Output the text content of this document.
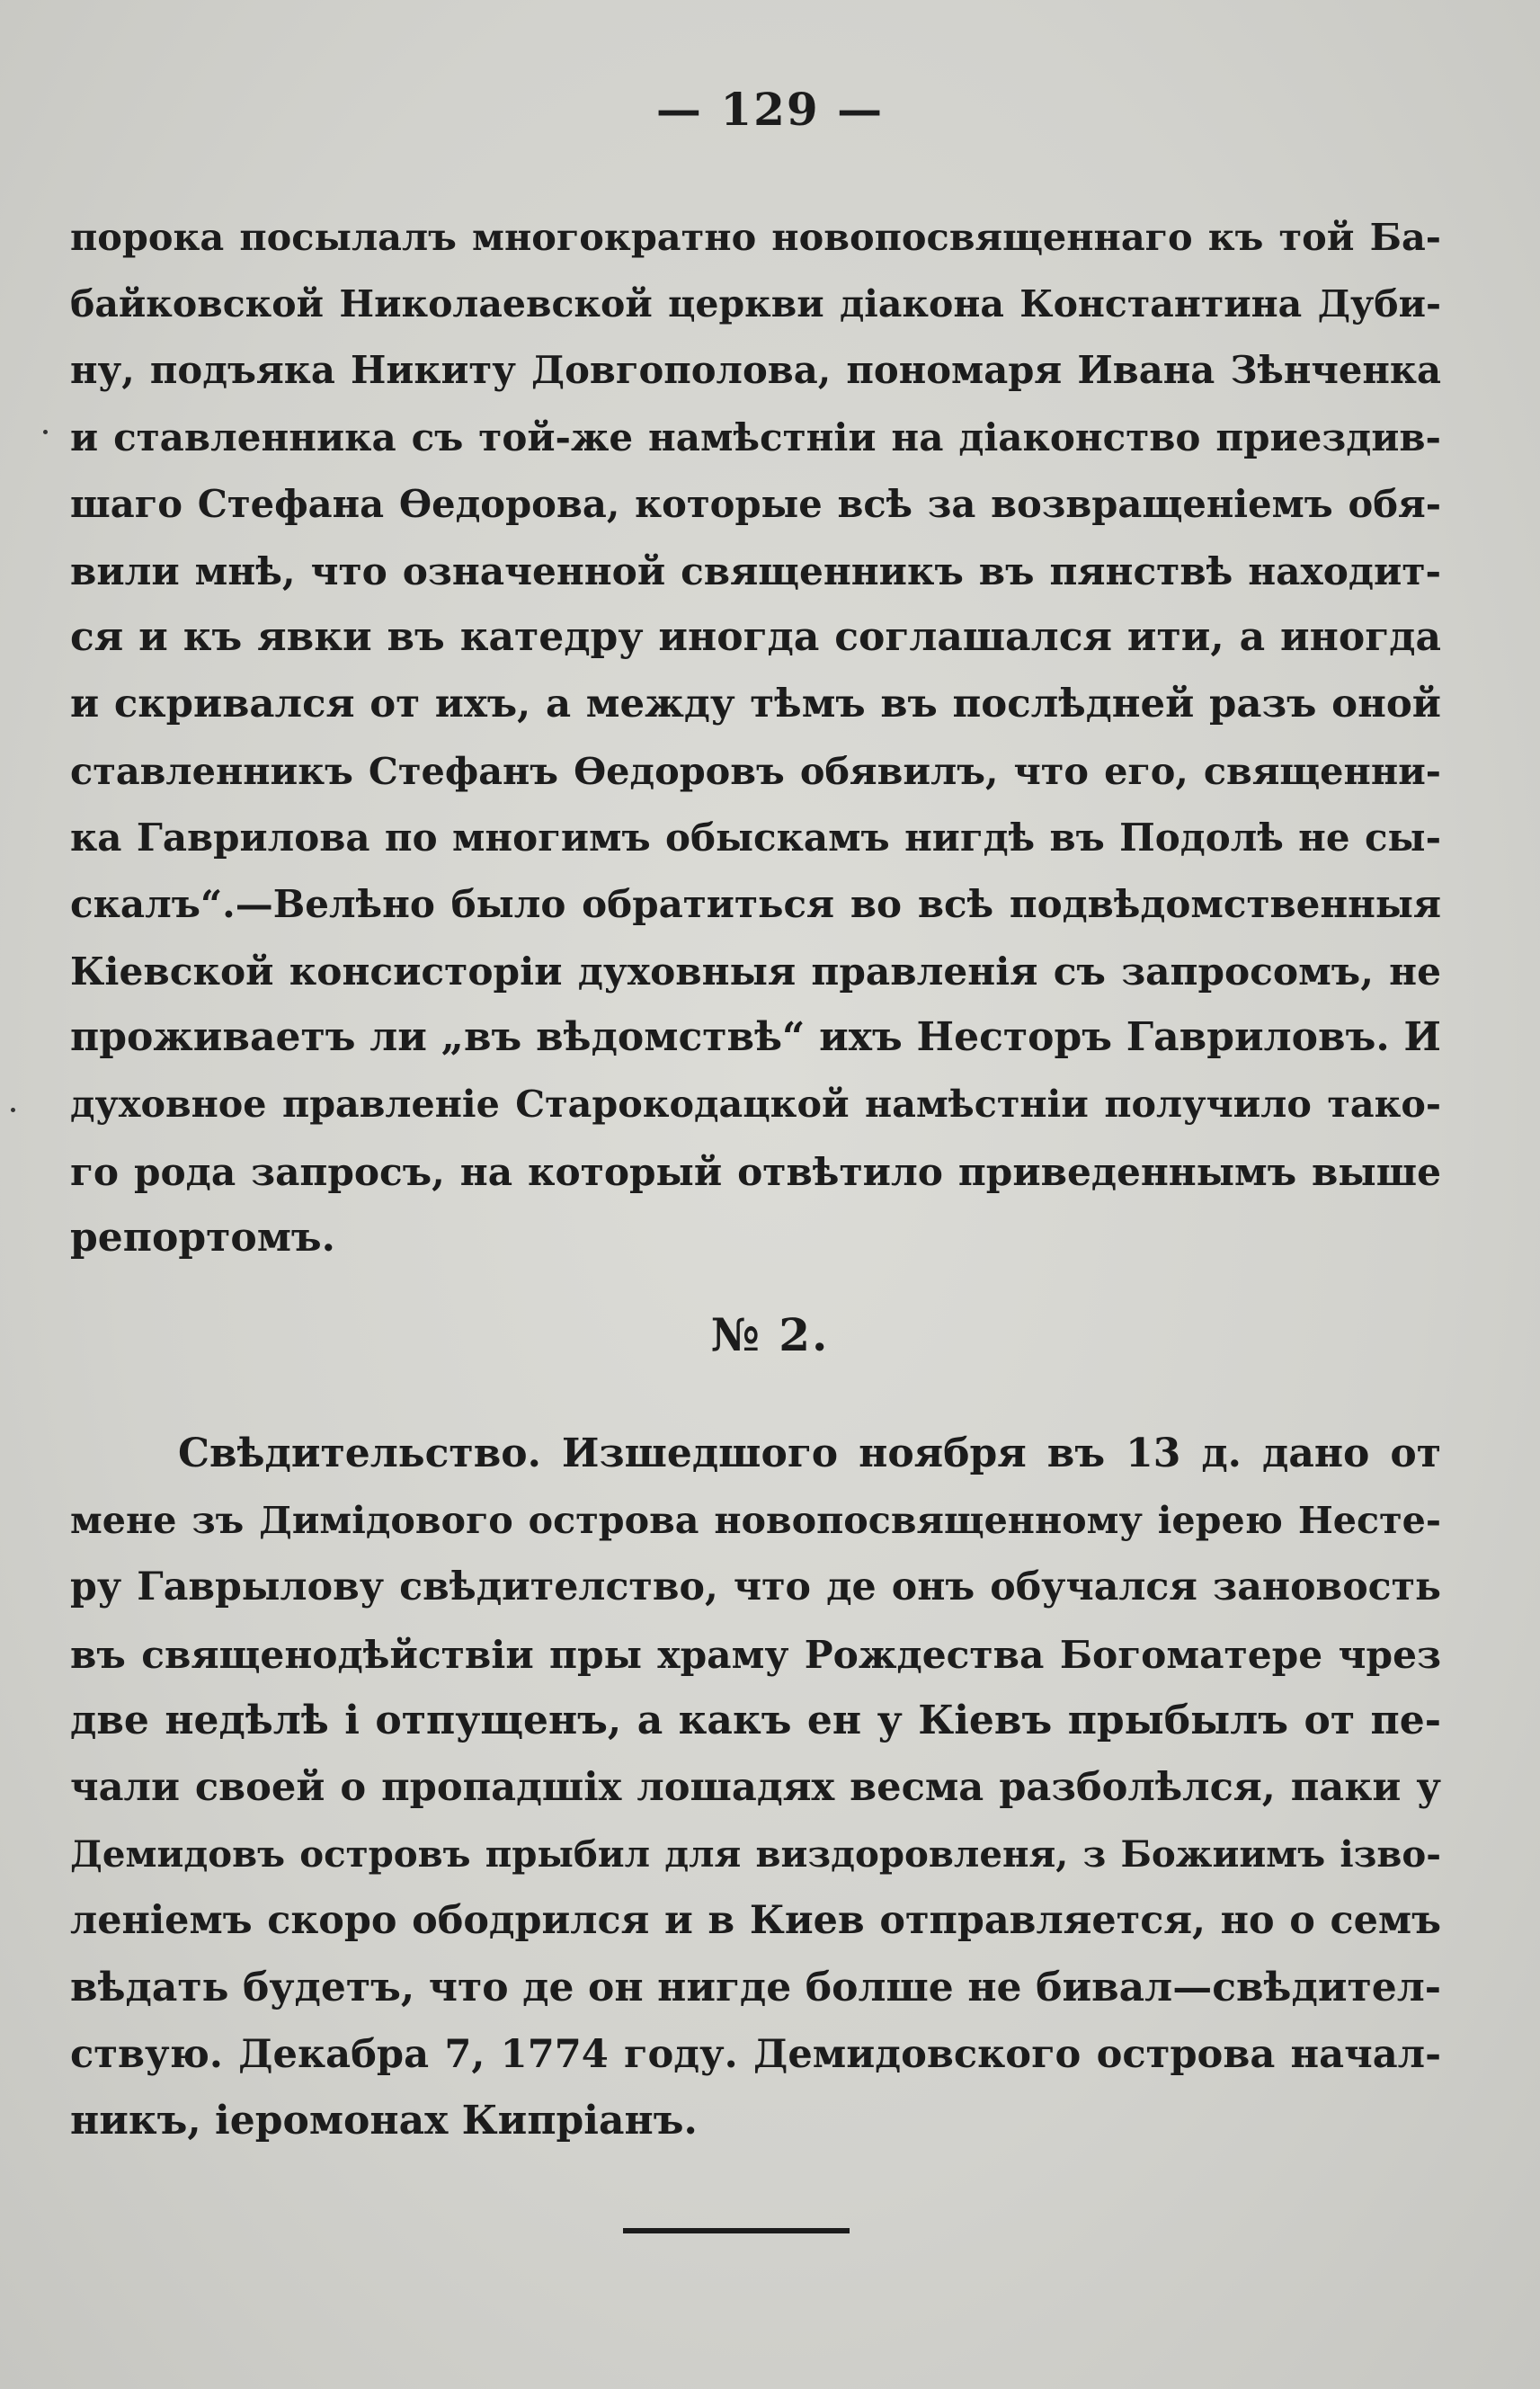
— 129 —
порока посылалъ многократно новопосвященнаго къ той Ба-
байковской Николаевской церкви діакона Константина Дуби-
ну, подъяка Никиту Довгополова, пономаря Ивана Зѣнченка
и ставленника съ той-же намѣстніи на діаконство приездив-
шаго Стефана Ѳедорова, которые всѣ за возвращеніемъ обя-
вили мнѣ, что означенной священникъ въ пянствѣ находит-
ся и къ явки въ катедру иногда соглашался ити, а иногда
и скривался от ихъ, а между тѣмъ въ послѣдней разъ оной
ставленникъ Стефанъ Ѳедоровъ обявилъ, что его, священни-
ка Гаврилова по многимъ обыскамъ нигдѣ въ Подолѣ не сы-
скалъ“.—Велѣно было обратиться во всѣ подвѣдомственныя
Кіевской консисторіи духовныя правленія съ запросомъ, не
проживаетъ ли „въ вѣдомствѣ“ ихъ Несторъ Гавриловъ. И
духовное правленіе Старокодацкой намѣстніи получило тако-
го рода запросъ, на который отвѣтило приведеннымъ выше
репортомъ.
№ 2.
Свѣдительство. Изшедшого ноября въ 13 д. дано от
мене зъ Димідового острова новопосвященному іерею Несте-
ру Гаврылову свѣдителство, что де онъ обучался зановость
въ священодѣйствіи пры храму Рождества Богоматере чрез
две недѣлѣ і отпущенъ, а какъ ен у Кіевъ прыбылъ от пе-
чали своей о пропадшіх лошадях весма разболѣлся, паки у
Демидовъ островъ прыбил для виздоровленя, з Божиимъ ізво-
леніемъ скоро ободрился и в Киев отправляется, но о семъ
вѣдать будетъ, что де он нигде болше не бивал—свѣдител-
ствую. Декабра 7, 1774 году. Демидовского острова начал-
никъ, іеромонах Кипріанъ.
